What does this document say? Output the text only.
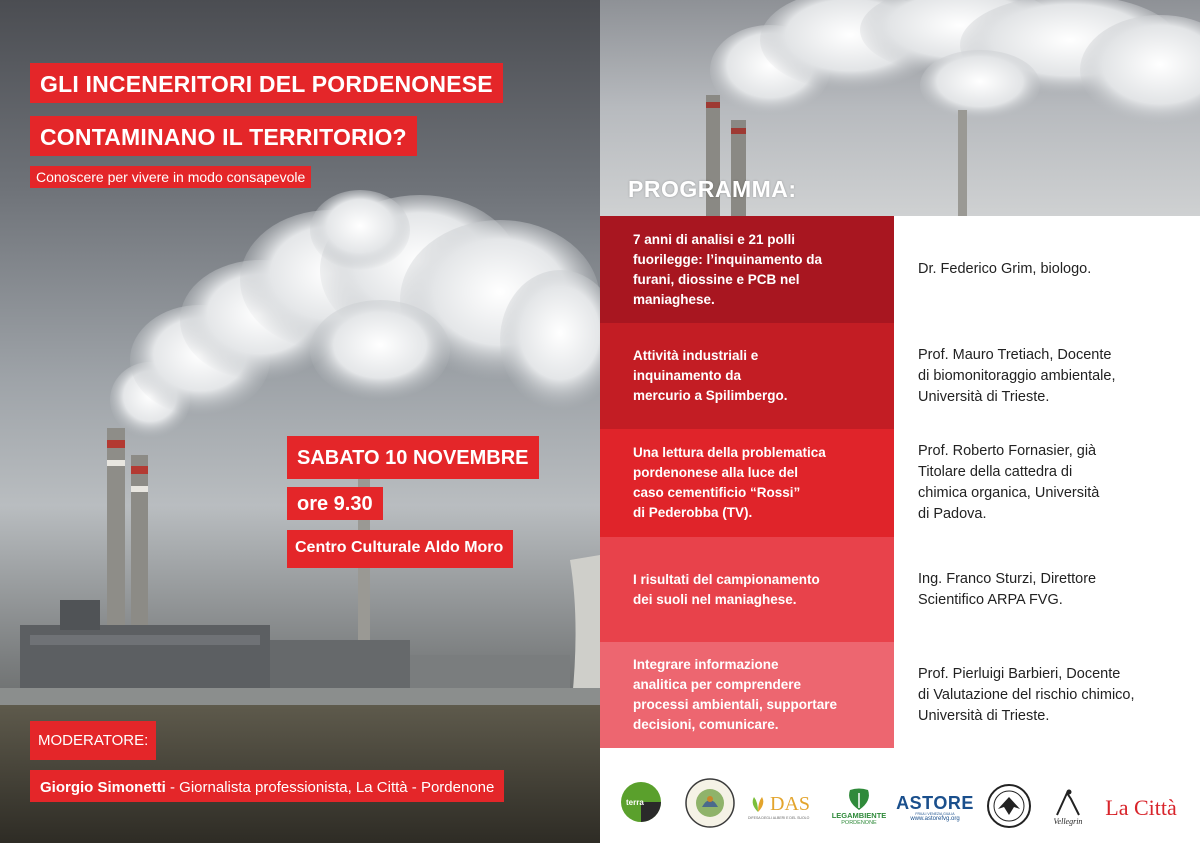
GLI INCENERITORI DEL PORDENONESE
CONTAMINANO IL TERRITORIO?
Conoscere per vivere in modo consapevole
SABATO 10 NOVEMBRE
ore 9.30
Centro Culturale Aldo Moro
MODERATORE:
Giorgio Simonetti - Giornalista professionista, La Città - Pordenone
PROGRAMMA:
7 anni di analisi e 21 polli
fuorilegge: l’inquinamento da
furani, diossine e PCB nel
maniaghese.
Dr. Federico Grim, biologo.
Attività industriali e
inquinamento da
mercurio a Spilimbergo.
Prof. Mauro Tretiach, Docente
di biomonitoraggio ambientale,
Università di Trieste.
Una lettura della problematica
pordenonese alla luce del
caso cementificio “Rossi”
di Pederobba (TV).
Prof. Roberto Fornasier, già
Titolare della cattedra di
chimica organica, Università
di Padova.
I risultati del campionamento
dei suoli nel maniaghese.
Ing. Franco Sturzi, Direttore
Scientifico ARPA FVG.
Integrare informazione
analitica per comprendere
processi ambientali, supportare
decisioni, comunicare.
Prof. Pierluigi Barbieri, Docente
di Valutazione del rischio chimico,
Università di Trieste.
terra
ASSOCIAZIONE NATURALISTICA CORDENONESE
DAS
DIFESA DEGLI ALBERI E DEL SUOLO	LEGAMBIENTE
PORDENONE
ASTORE
FRIULI VENEZIA GIULIA
www.astorefvg.org	Vellegrin
La Città
